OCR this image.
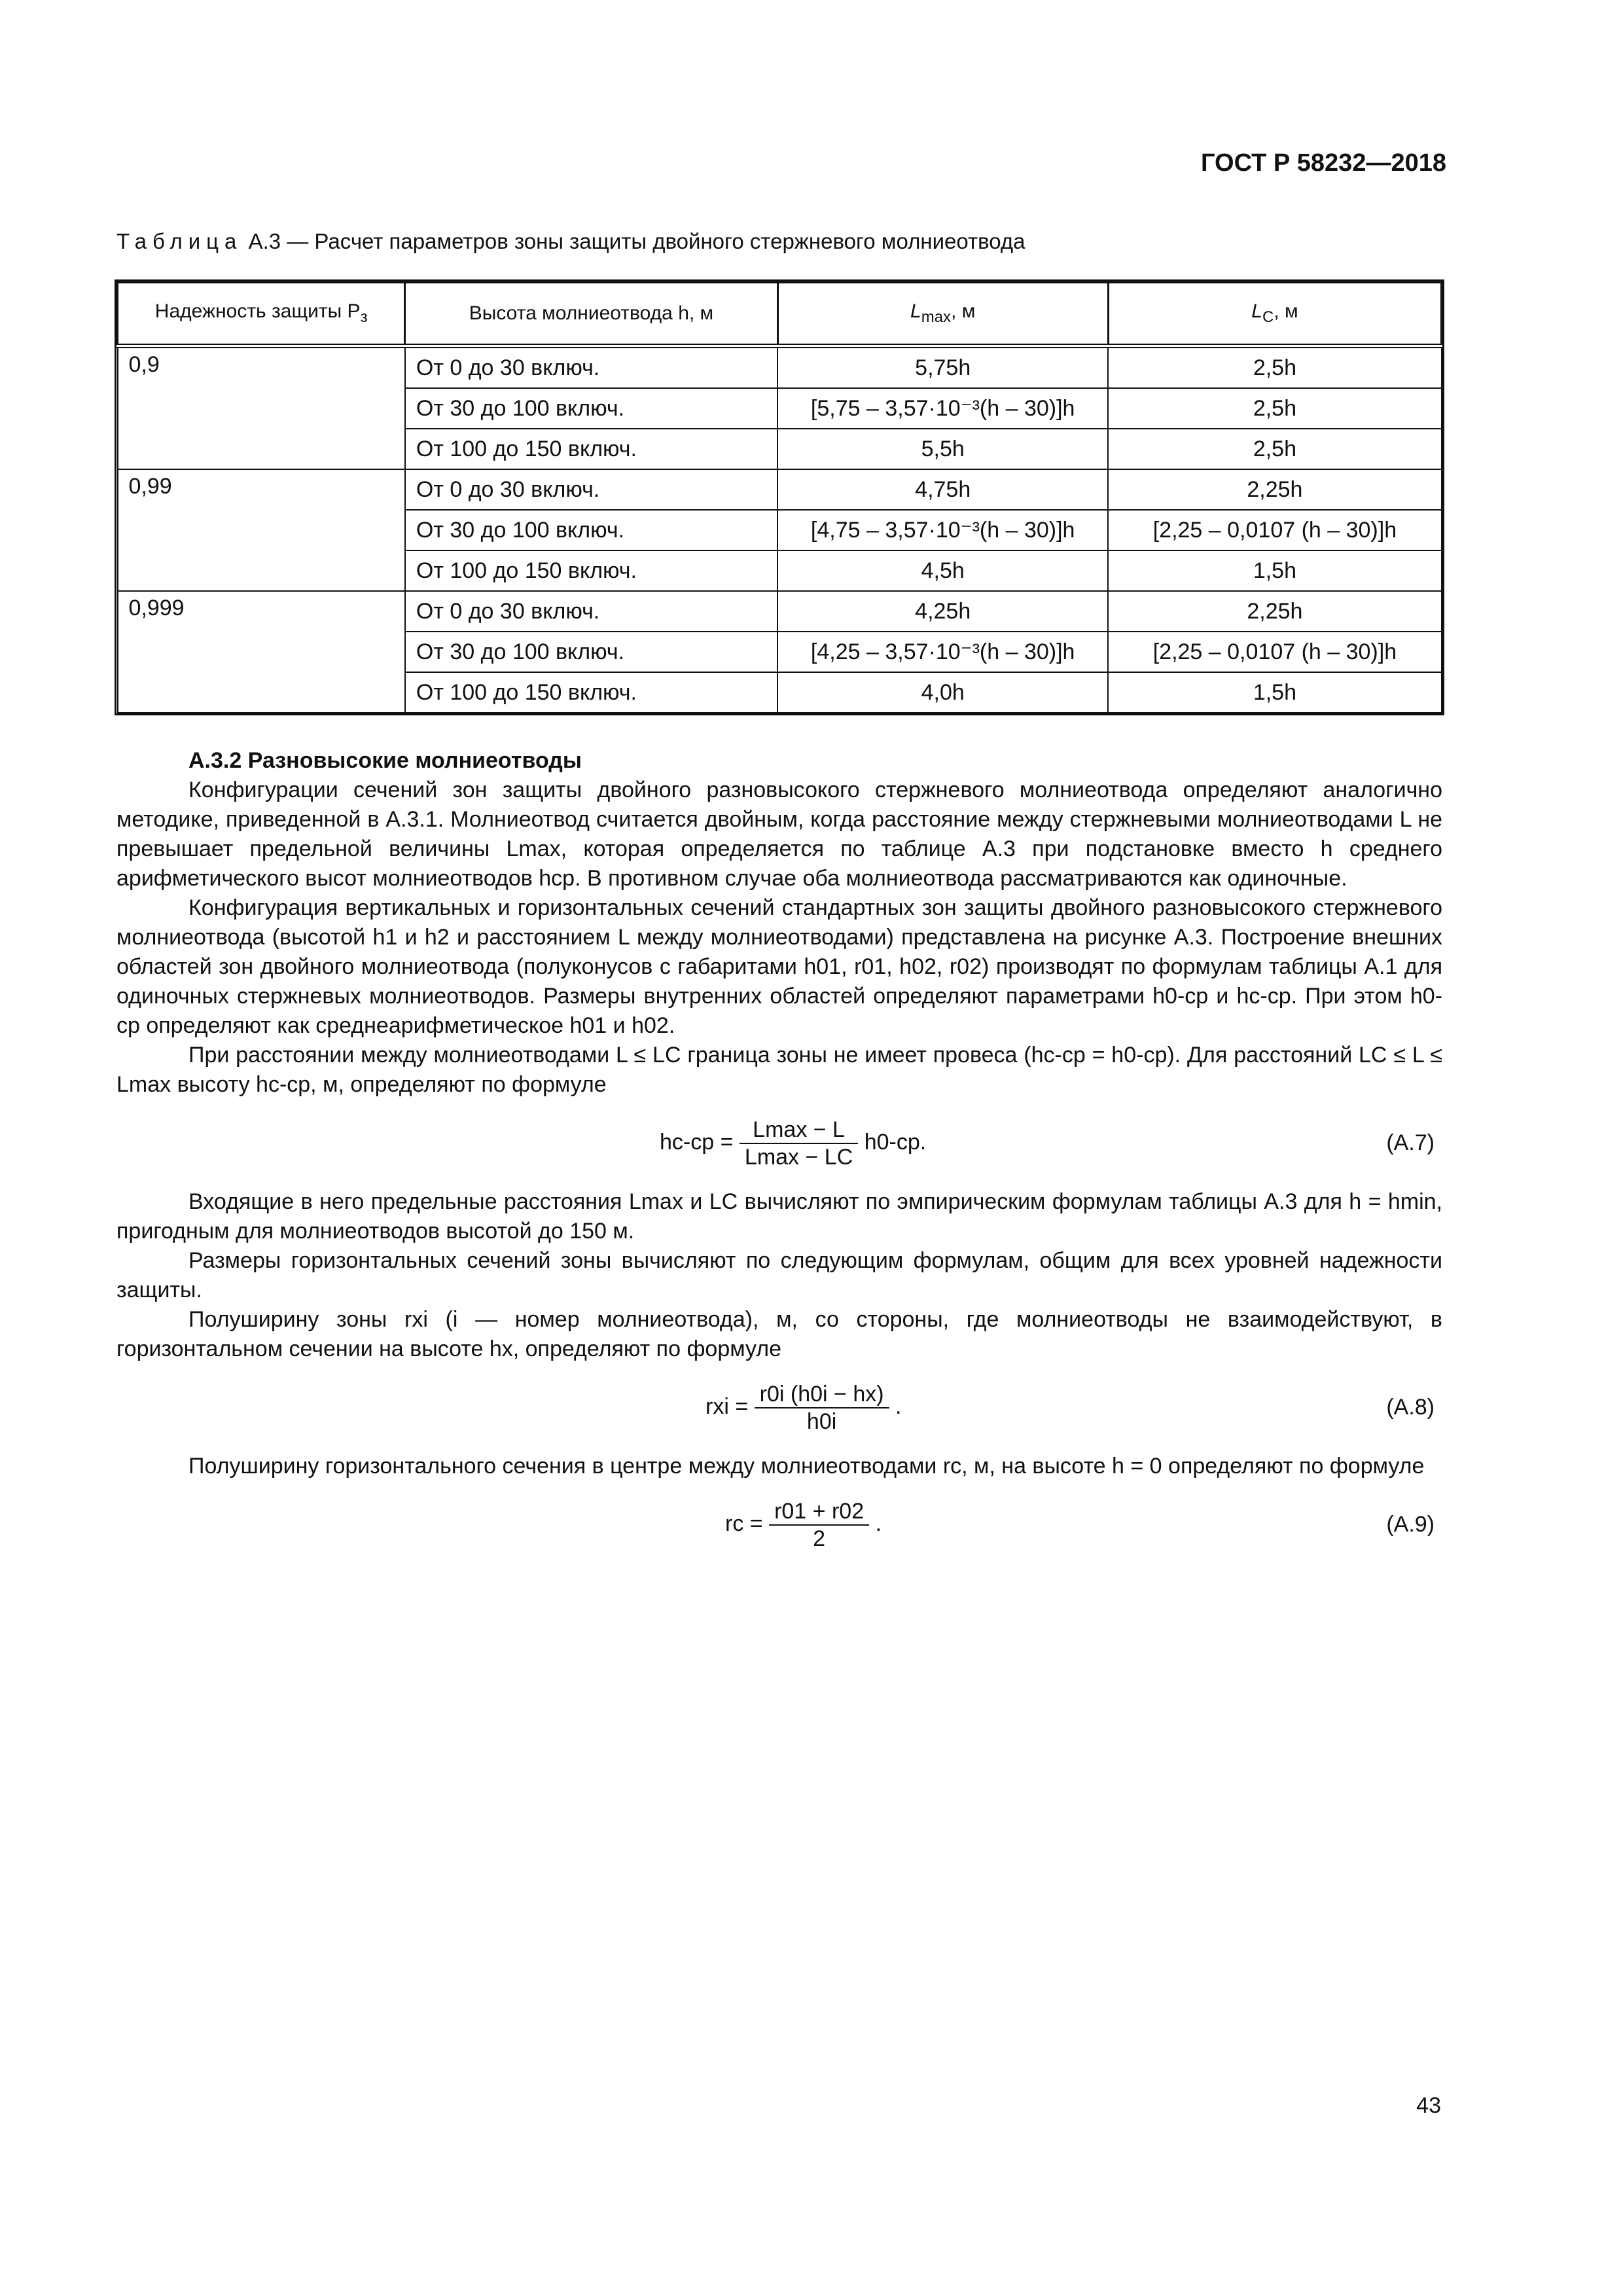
ГОСТ Р 58232—2018
Таблица А.3 — Расчет параметров зоны защиты двойного стержневого молниеотвода
Надежность защиты $P_з$	Высота молниеотвода h, м	$L_{max}$, м	$L_C$, м
0,9	От 0 до 30 включ.	5,75h	2,5h
	От 30 до 100 включ.	[5,75 – 3,57·10⁻³(h – 30)]h	2,5h
	От 100 до 150 включ.	5,5h	2,5h
0,99	От 0 до 30 включ.	4,75h	2,25h
	От 30 до 100 включ.	[4,75 – 3,57·10⁻³(h – 30)]h	[2,25 – 0,0107 (h – 30)]h
	От 100 до 150 включ.	4,5h	1,5h
0,999	От 0 до 30 включ.	4,25h	2,25h
	От 30 до 100 включ.	[4,25 – 3,57·10⁻³(h – 30)]h	[2,25 – 0,0107 (h – 30)]h
	От 100 до 150 включ.	4,0h	1,5h

А.3.2 Разновысокие молниеотводы

Конфигурации сечений зон защиты двойного разновысокого стержневого молниеотвода определяют аналогично методике, приведенной в А.3.1. Молниеотвод считается двойным, когда расстояние между стержневыми молниеотводами L не превышает предельной величины Lmax, которая определяется по таблице А.3 при подстановке вместо h среднего арифметического высот молниеотводов hср. В противном случае оба молниеотвода рассматриваются как одиночные.

Конфигурация вертикальных и горизонтальных сечений стандартных зон защиты двойного разновысокого стержневого молниеотвода (высотой h1 и h2 и расстоянием L между молниеотводами) представлена на рисунке А.3. Построение внешних областей зон двойного молниеотвода (полуконусов с габаритами h01, r01, h02, r02) производят по формулам таблицы А.1 для одиночных стержневых молниеотводов. Размеры внутренних областей определяют параметрами h0-ср и hс-ср. При этом h0-ср определяют как среднеарифметическое h01 и h02.

При расстоянии между молниеотводами L ≤ LC граница зоны не имеет провеса (hс-ср = h0-ср). Для расстояний LC ≤ L ≤ Lmax высоту hс-ср, м, определяют по формуле

$hс-ср = \frac{Lmax - L}{Lmax - LC} h0-ср$.	(А.7)

Входящие в него предельные расстояния Lmax и LC вычисляют по эмпирическим формулам таблицы А.3 для h = hmin, пригодным для молниеотводов высотой до 150 м.

Размеры горизонтальных сечений зоны вычисляют по следующим формулам, общим для всех уровней надежности защиты.

Полуширину зоны rxi (i — номер молниеотвода), м, со стороны, где молниеотводы не взаимодействуют, в горизонтальном сечении на высоте hx, определяют по формуле

rxi = $\frac{r0i (h0i - hx)}{h0i}$ .	(А.8)

Полуширину горизонтального сечения в центре между молниеотводами rс, м, на высоте h = 0 определяют по формуле

rс = $\frac{r01 + r02}{2}$ .	(А.9)
43
